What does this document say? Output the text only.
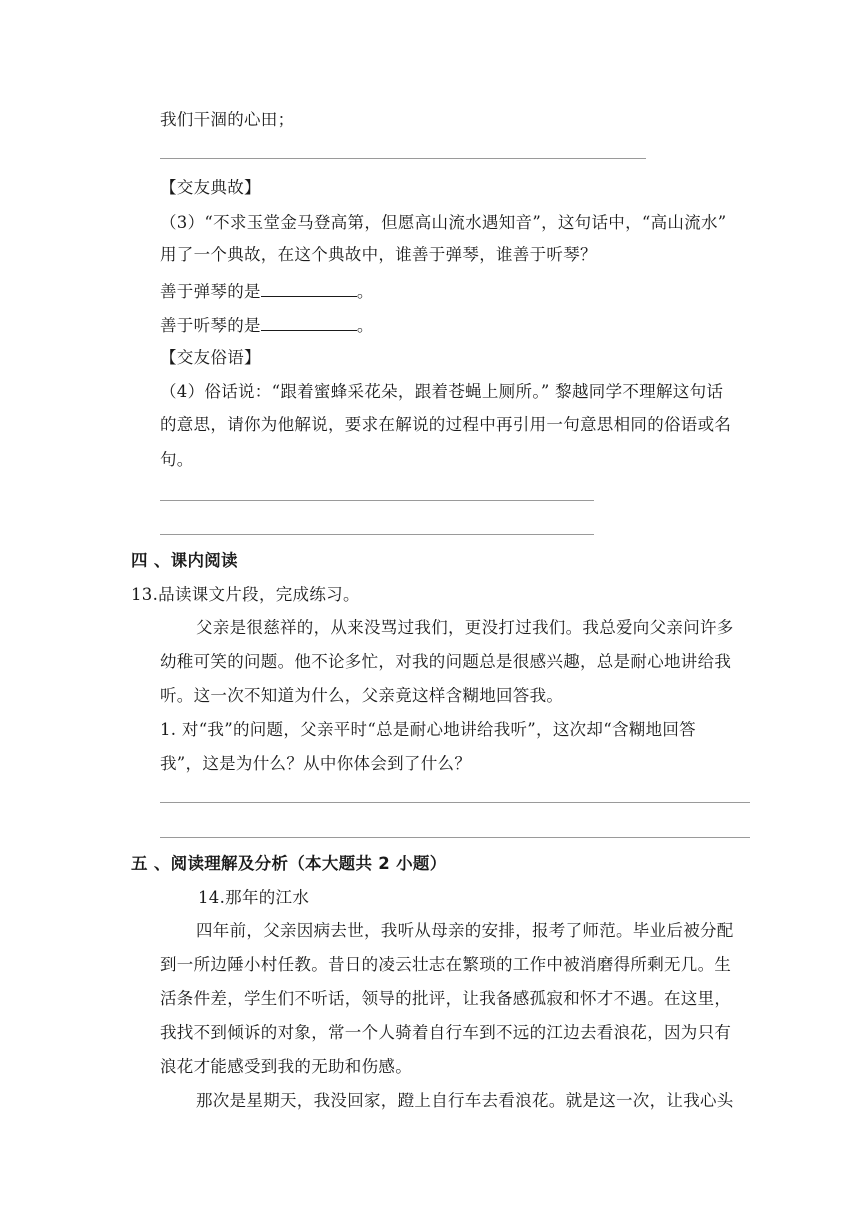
我们干涸的心田；
【交友典故】
（3）“不求玉堂金马登高第，但愿高山流水遇知音”，这句话中，“高山流水”
用了一个典故，在这个典故中，谁善于弹琴，谁善于听琴？
善于弹琴的是	。
善于听琴的是	。
【交友俗语】
（4）俗话说：“跟着蜜蜂采花朵，跟着苍蝇上厕所。” 黎越同学不理解这句话
的意思，请你为他解说，要求在解说的过程中再引用一句意思相同的俗语或名
句。
四 、课内阅读
13.品读课文片段，完成练习。
父亲是很慈祥的，从来没骂过我们，更没打过我们。我总爱向父亲问许多
幼稚可笑的问题。他不论多忙，对我的问题总是很感兴趣，总是耐心地讲给我
听。这一次不知道为什么，父亲竟这样含糊地回答我。
1. 对“我”的问题，父亲平时“总是耐心地讲给我听”，这次却“含糊地回答
我”，这是为什么？从中你体会到了什么？
五 、阅读理解及分析（本大题共 2 小题）
14.那年的江水
四年前，父亲因病去世，我听从母亲的安排，报考了师范。毕业后被分配
到一所边陲小村任教。昔日的凌云壮志在繁琐的工作中被消磨得所剩无几。生
活条件差，学生们不听话，领导的批评，让我备感孤寂和怀才不遇。在这里，
我找不到倾诉的对象，常一个人骑着自行车到不远的江边去看浪花，因为只有
浪花才能感受到我的无助和伤感。
那次是星期天，我没回家，蹬上自行车去看浪花。就是这一次，让我心头
